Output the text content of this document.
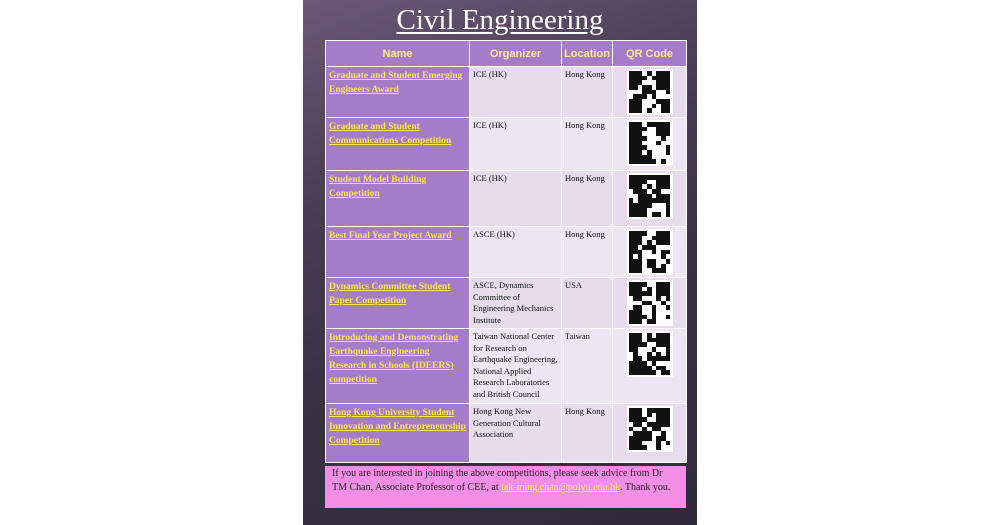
Civil Engineering
Name	Organizer	Location	QR Code

Graduate and Student Emerging Engineers Award	ICE (HK)	Hong Kong	

Graduate and Student Communications Competition	ICE (HK)	Hong Kong	

Student Model Building Competition	ICE (HK)	Hong Kong	

Best Final Year Project Award	ASCE (HK)	Hong Kong	

Dynamics Committee Student Paper Competition	ASCE, Dynamics Committee of Engineering Mechanics Institute	USA	

Introducing and Demonstrating Earthquake Engineering Research in Schools (IDEERS) competition	Taiwan National Center for Research on Earthquake Engineering, National Applied Research Laboratories and British Council	Taiwan	

Hong Kong University Student Innovation and Entrepreneurship Competition	Hong Kong New Generation Cultural Association	Hong Kong	
If you are interested in joining the above competitions, please seek advice from Dr TM Chan, Associate Professor of CEE, at tak-ming.chan@polyu.edu.hk. Thank you.
